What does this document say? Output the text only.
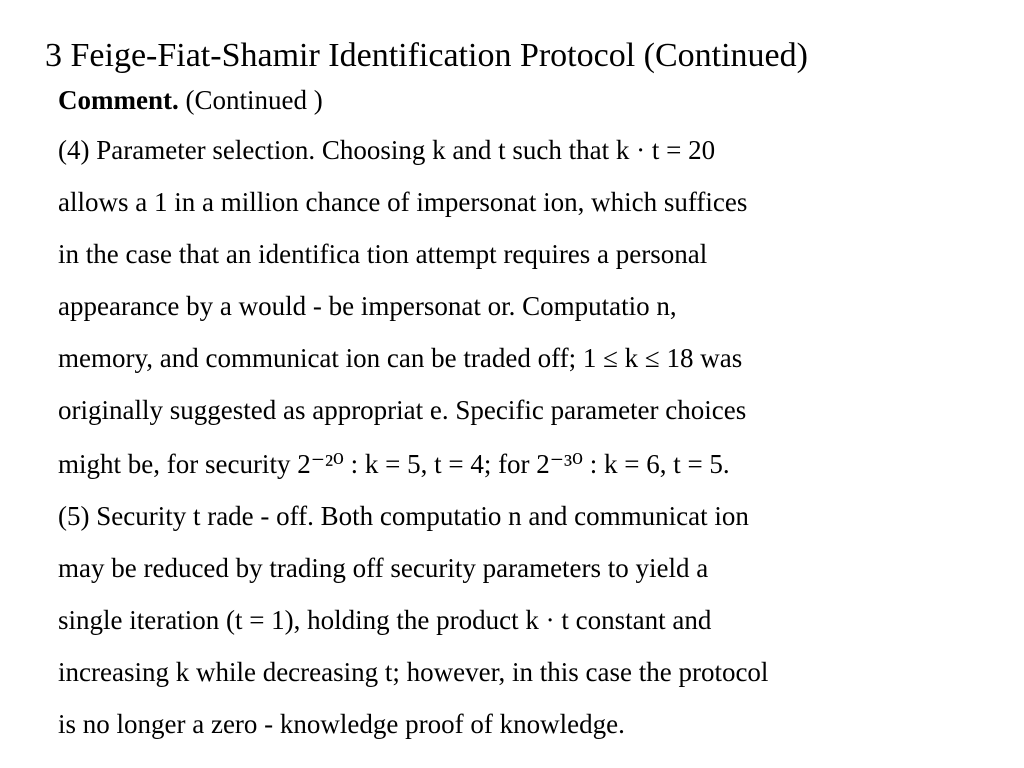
3 Feige-Fiat-Shamir Identification Protocol (Continued)
Comment. (Continued )
(4) Parameter selection. Choosing k and t such that k · t = 20
allows a 1 in a million chance of impersonat ion, which suffices
in the case that an identifica tion attempt requires a personal
appearance by a would - be impersonat or. Computatio n,
memory, and communicat ion can be traded off; 1 ≤ k ≤ 18 was
originally suggested as appropriat e. Specific parameter choices
might be, for security 2⁻²⁰ : k = 5, t = 4; for 2⁻³⁰ : k = 6, t = 5.
(5) Security t rade - off. Both computatio n and communicat ion
may be reduced by trading off security parameters to yield a
single iteration (t = 1), holding the product k · t constant and
increasing k while decreasing t; however, in this case the protocol
is no longer a zero - knowledge proof of knowledge.
